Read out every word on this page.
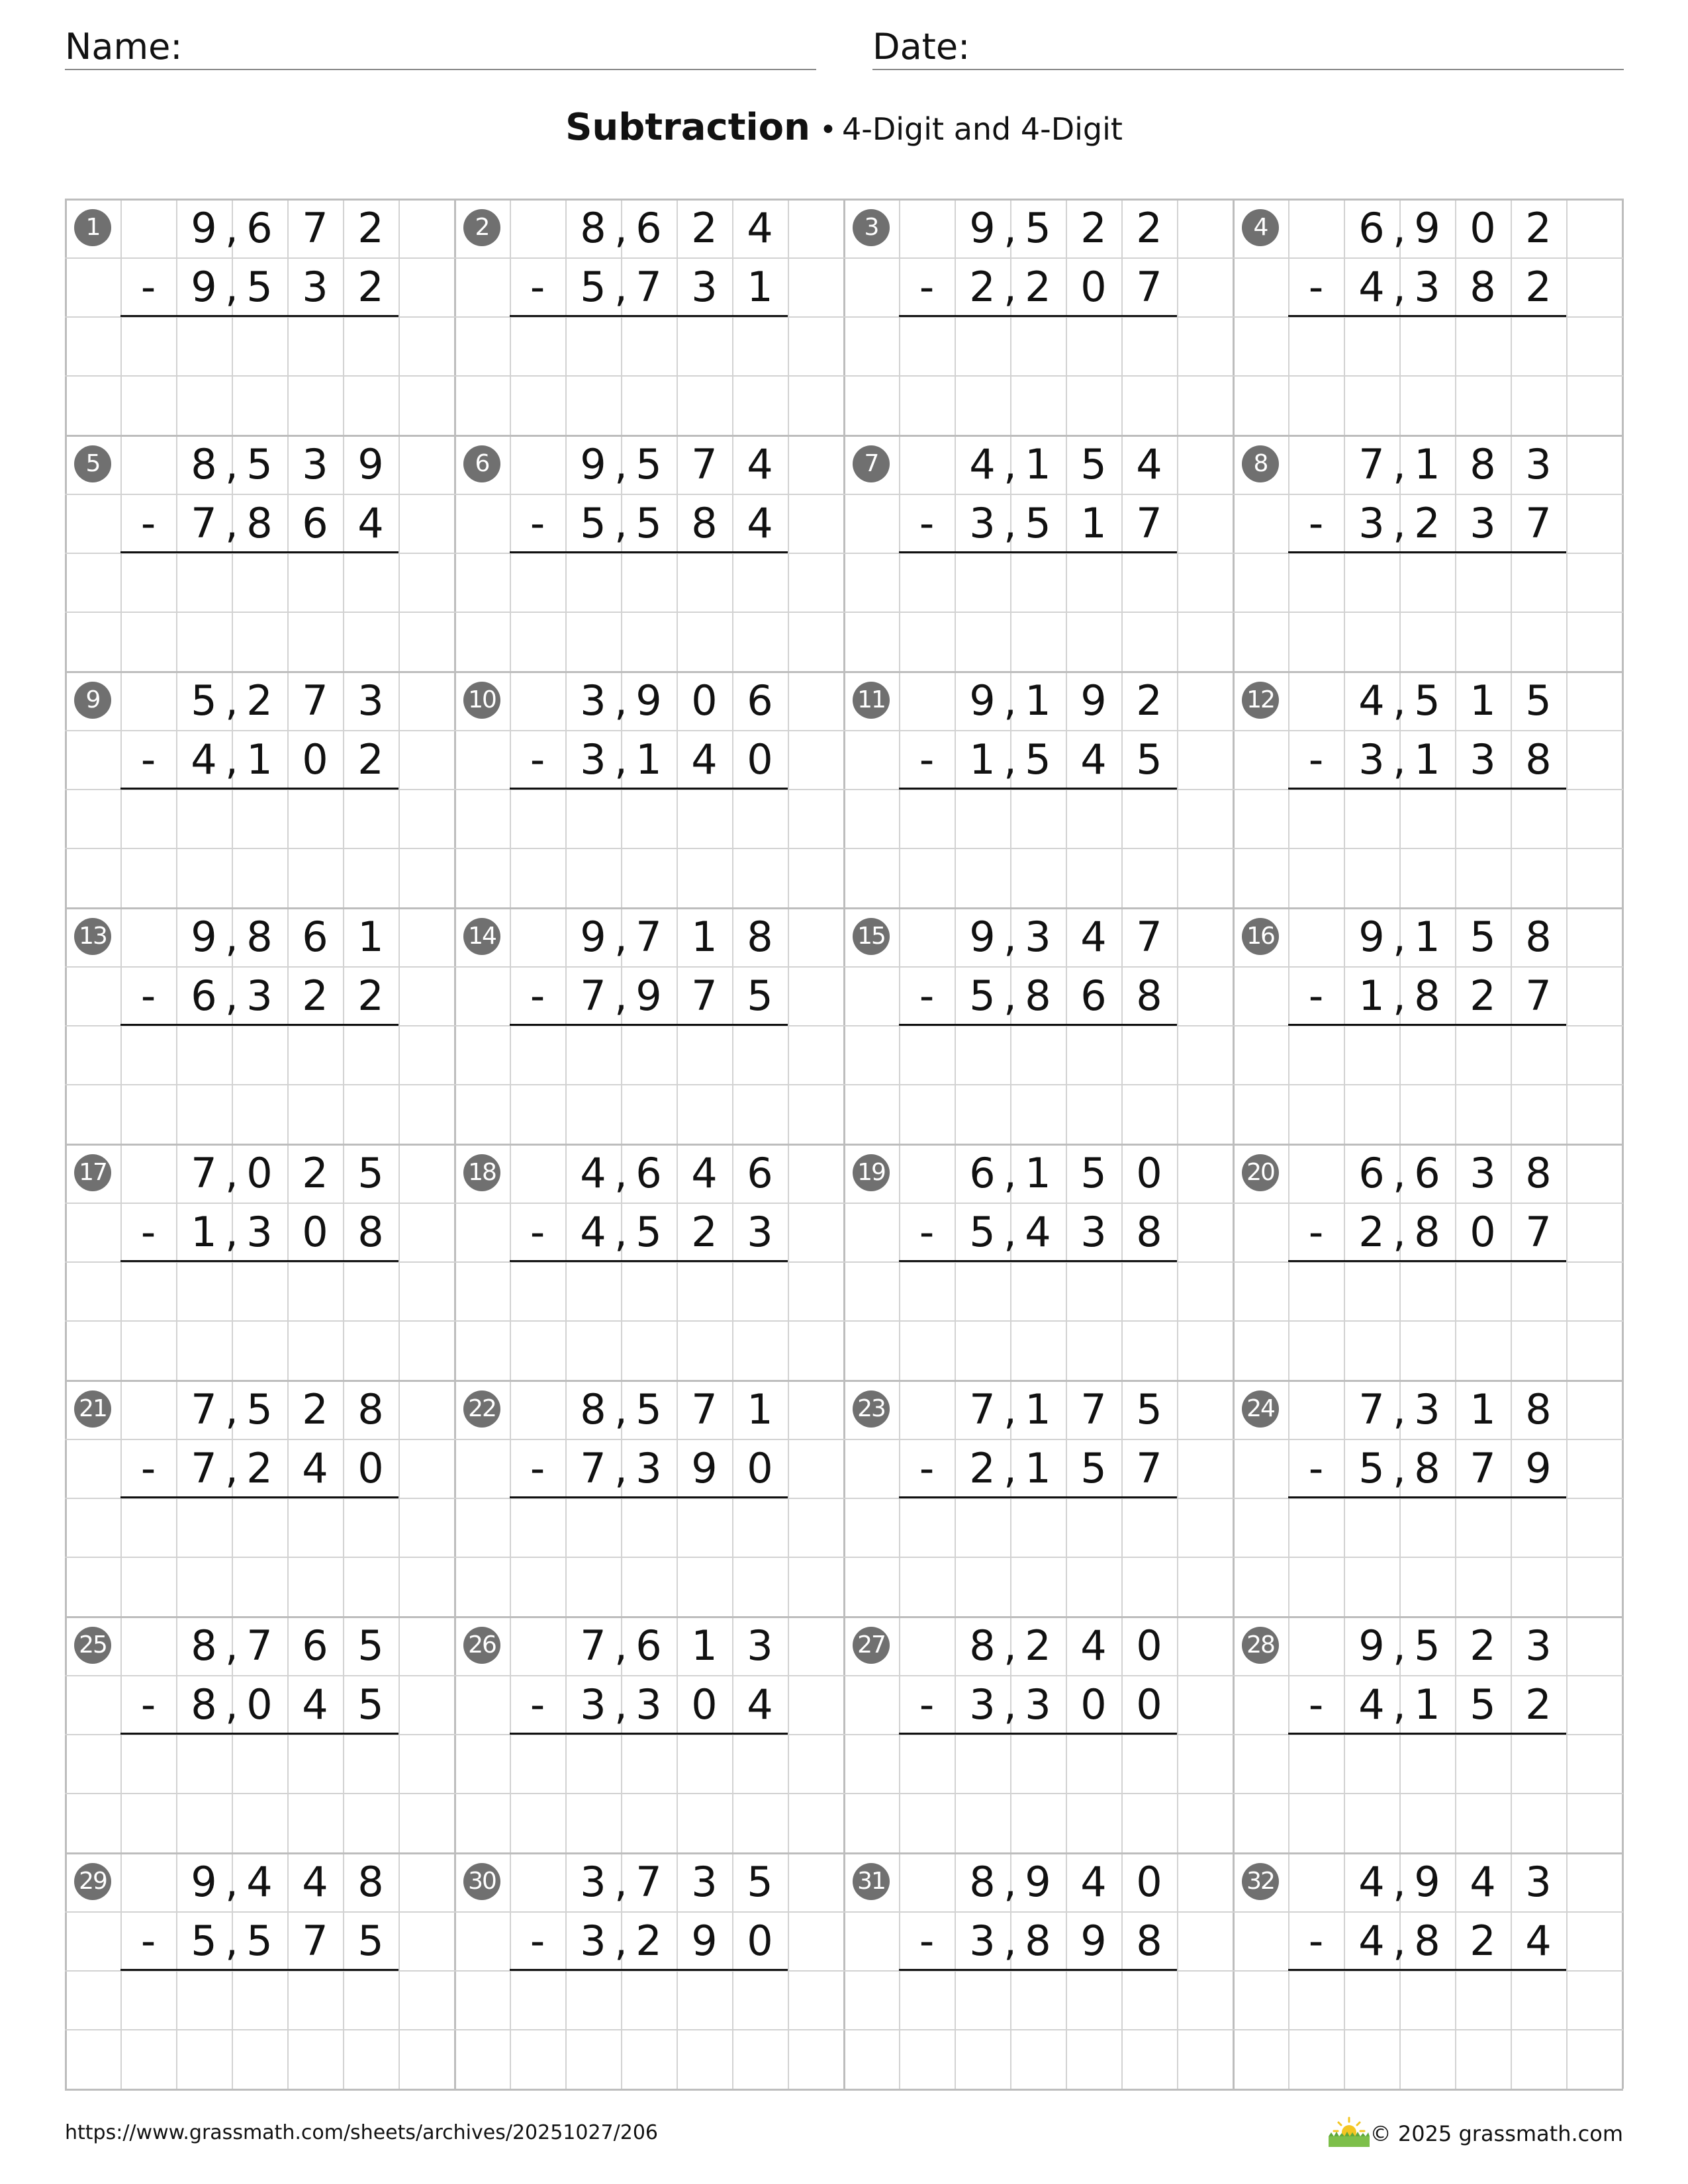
Name:	Date:
Subtraction • 4-Digit and 4-Digit
1	9 6 7 2
,
9 5 3 2
,
-
2	8 6 2 4
,
5 7 3 1
,
-
3	9 5 2 2
,
2 2 0 7
,
-
4	6 9 0 2
,
4 3 8 2
,
-
5	8 5 3 9
,
7 8 6 4
,
-
6	9 5 7 4
,
5 5 8 4
,
-
7	4 1 5 4
,
3 5 1 7
,
-
8	7 1 8 3
,
3 2 3 7
,
-
9	5 2 7 3
,
4 1 0 2
,
-
10	3 9 0 6
,
3 1 4 0
,
-
11	9 1 9 2
,
1 5 4 5
,
-
12	4 5 1 5
,
3 1 3 8
,
-
13	9 8 6 1
,
6 3 2 2
,
-
14	9 7 1 8
,
7 9 7 5
,
-
15	9 3 4 7
,
5 8 6 8
,
-
16	9 1 5 8
,
1 8 2 7
,
-
17	7 0 2 5
,
1 3 0 8
,
-
18	4 6 4 6
,
4 5 2 3
,
-
19	6 1 5 0
,
5 4 3 8
,
-
20	6 6 3 8
,
2 8 0 7
,
-
21	7 5 2 8
,
7 2 4 0
,
-
22	8 5 7 1
,
7 3 9 0
,
-
23	7 1 7 5
,
2 1 5 7
,
-
24	7 3 1 8
,
5 8 7 9
,
-
25	8 7 6 5
,
8 0 4 5
,
-
26	7 6 1 3
,
3 3 0 4
,
-
27	8 2 4 0
,
3 3 0 0
,
-
28	9 5 2 3
,
4 1 5 2
,
-
29	9 4 4 8
,
5 5 7 5
,
-
30	3 7 3 5
,
3 2 9 0
,
-
31	8 9 4 0
,
3 8 9 8
,
-
32	4 9 4 3
,
4 8 2 4
,
-
https://www.grassmath.com/sheets/archives/20251027/206	© 2025 grassmath.com
